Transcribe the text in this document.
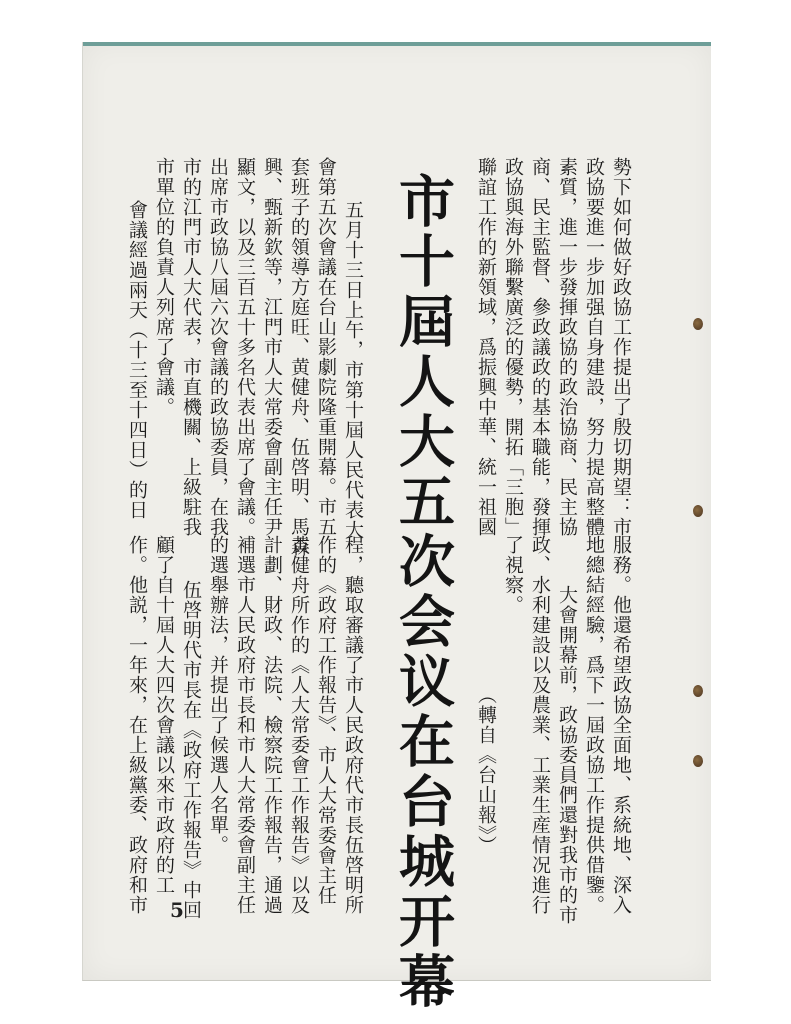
勢下如何做好政協工作提出了殷切期望：市
政協要進一步加强自身建設，努力提高整體
素質，進一步發揮政協的政治協商、民主協
商、民主監督、參政議政的基本職能，發揮
政協與海外聯繫廣泛的優勢，開拓「三胞」
聯誼工作的新領域，爲振興中華、統一祖國
服務。他還希望政協全面地、系統地、深入
地總結經驗，爲下一屆政協工作提供借鑒。
大會開幕前，政協委員們還對我市的市
政、水利建設以及農業、工業生産情况進行
了視察。
（轉自《台山報》）
市十屆人大五次会议在台城开幕
五月十三日上午，市第十屆人民代表大
會第五次會議在台山影劇院隆重開幕。市五
套班子的領導方庭旺、黄健舟、伍啓明、馬森
興、甄新欽等，江門市人大常委會副主任尹
顯文，以及三百五十多名代表出席了會議。
出席市政協八屆六次會議的政協委員，在我
市的江門市人大代表，市直機關、上級駐我
市單位的負責人列席了會議。
會議經過兩天（十三至十四日）的日
程，聽取審議了市人民政府代市長伍啓明所
作的《政府工作報告》、市人大常委會主任
黄健舟所作的《人大常委會工作報告》以及
計劃、財政、法院、檢察院工作報告，通過
補選市人民政府市長和市人大常委會副主任
的選舉辦法，并提出了候選人名單。
伍啓明代市長在《政府工作報告》中回
顧了自十屆人大四次會議以來市政府的工
作。他説，一年來，在上級黨委、政府和市 5
